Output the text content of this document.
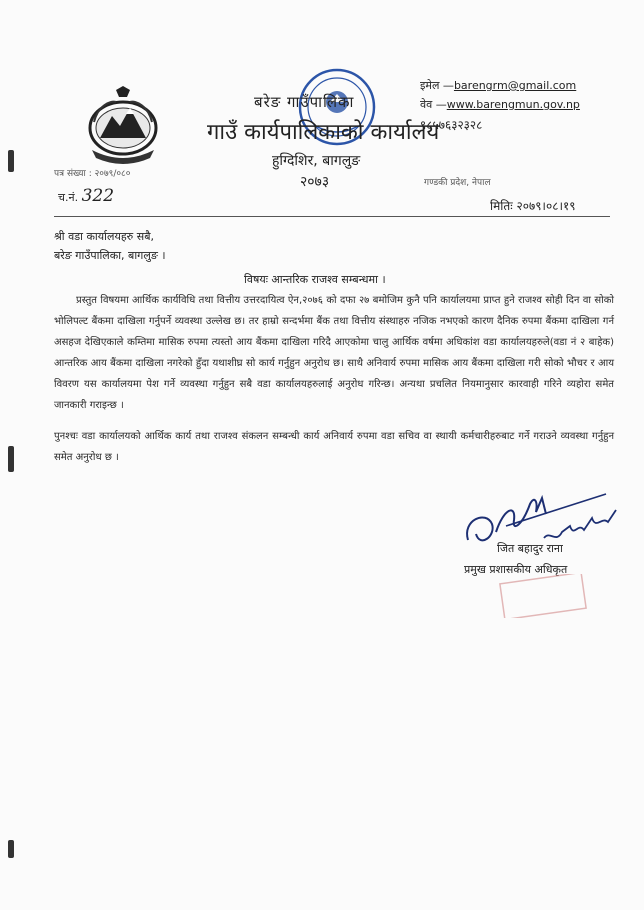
बरेङ गाउँपालिका

गाउँ कार्यपालिकाको कार्यालय

हुग्दिशिर, बागलुङ

२०७३	गण्डकी प्रदेश, नेपाल

इमेल —barengrm@gmail.com

वेव —www.barengmun.gov.np

९८५७६३२३२८

पत्र संख्या : २०७९/०८०

च.नं. 322	मितिः २०७९।०८।१९

श्री वडा कार्यालयहरु सबै,

बरेङ गाउँपालिका, बागलुङ ।

विषयः आन्तरिक राजश्व सम्बन्धमा ।

प्रस्तुत विषयमा आर्थिक कार्यविधि तथा वित्तीय उत्तरदायित्व ऐन,२०७६ को दफा २७ बमोजिम कुनै पनि कार्यालयमा प्राप्त हुने राजश्व सोही दिन वा सोको भोलिपल्ट बैंकमा दाखिला गर्नुपर्ने व्यवस्था उल्लेख छ। तर हाम्रो सन्दर्भमा बैंक तथा वित्तीय संस्थाहरु नजिक नभएको कारण दैनिक रुपमा बैंकमा दाखिला गर्न असहज देखिएकाले कम्तिमा मासिक रुपमा त्यस्तो आय बैंकमा दाखिला गरिदै आएकोमा चालु आर्थिक वर्षमा अधिकांश वडा कार्यालयहरुले(वडा नं २ बाहेक) आन्तरिक आय बैंकमा दाखिला नगरेको हुँदा यथाशीघ्र सो कार्य गर्नुहुन अनुरोध छ। साथै अनिवार्य रुपमा मासिक आय बैंकमा दाखिला गरी सोको भौचर र आय विवरण यस कार्यालयमा पेश गर्ने व्यवस्था गर्नुहुन सबै वडा कार्यालयहरुलाई अनुरोध गरिन्छ। अन्यथा प्रचलित नियमानुसार कारवाही गरिने व्यहोरा समेत जानकारी गराइन्छ ।

पुनश्चः वडा कार्यालयको आर्थिक कार्य तथा राजश्व संकलन सम्बन्धी कार्य अनिवार्य रुपमा वडा सचिव वा स्थायी कर्मचारीहरुबाट गर्ने गराउने व्यवस्था गर्नुहुन समेत अनुरोध छ ।

जित बहादुर राना

प्रमुख प्रशासकीय अधिकृत
